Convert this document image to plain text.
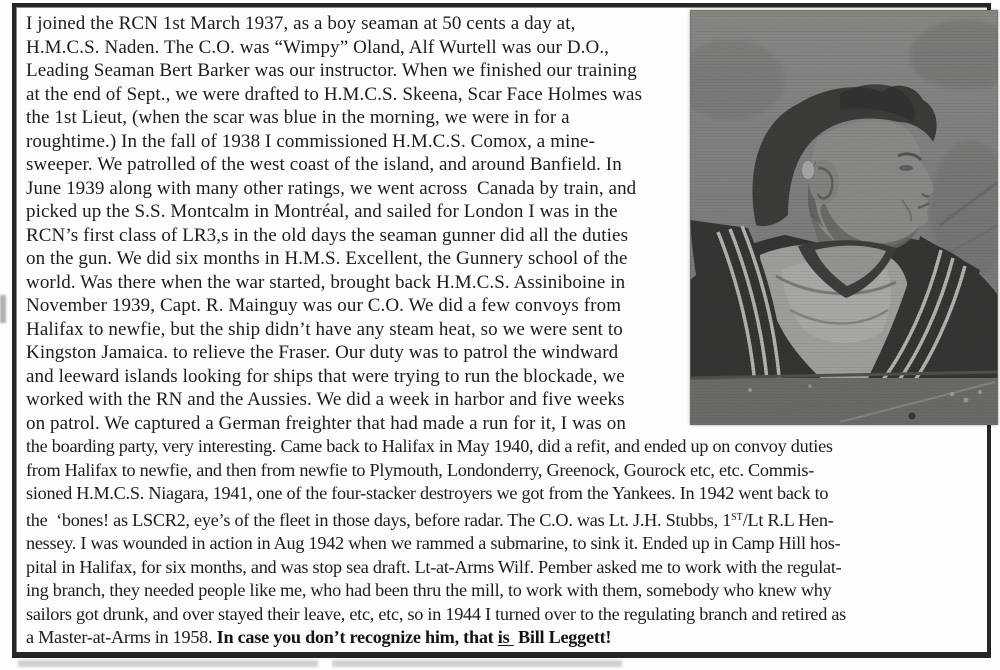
I joined the RCN 1st March 1937, as a boy seaman at 50 cents a day at,
H.M.C.S. Naden. The C.O. was “Wimpy” Oland, Alf Wurtell was our D.O.,
Leading Seaman Bert Barker was our instructor. When we finished our training
at the end of Sept., we were drafted to H.M.C.S. Skeena, Scar Face Holmes was
the 1st Lieut, (when the scar was blue in the morning, we were in for a
roughtime.) In the fall of 1938 I commissioned H.M.C.S. Comox, a mine-
sweeper. We patrolled of the west coast of the island, and around Banfield. In
June 1939 along with many other ratings, we went across  Canada by train, and
picked up the S.S. Montcalm in Montréal, and sailed for London I was in the
RCN’s first class of LR3,s in the old days the seaman gunner did all the duties
on the gun. We did six months in H.M.S. Excellent, the Gunnery school of the
world. Was there when the war started, brought back H.M.C.S. Assiniboine in
November 1939, Capt. R. Mainguy was our C.O. We did a few convoys from
Halifax to newfie, but the ship didn’t have any steam heat, so we were sent to
Kingston Jamaica. to relieve the Fraser. Our duty was to patrol the windward
and leeward islands looking for ships that were trying to run the blockade, we
worked with the RN and the Aussies. We did a week in harbor and five weeks
on patrol. We captured a German freighter that had made a run for it, I was on
the boarding party, very interesting. Came back to Halifax in May 1940, did a refit, and ended up on convoy duties
from Halifax to newfie, and then from newfie to Plymouth, Londonderry, Greenock, Gourock etc, etc. Commis-
sioned H.M.C.S. Niagara, 1941, one of the four-stacker destroyers we got from the Yankees. In 1942 went back to
the  ‘bones! as LSCR2, eye’s of the fleet in those days, before radar. The C.O. was Lt. J.H. Stubbs, 1ST/Lt R.L Hen-
nessey. I was wounded in action in Aug 1942 when we rammed a submarine, to sink it. Ended up in Camp Hill hos-
pital in Halifax, for six months, and was stop sea draft. Lt-at-Arms Wilf. Pember asked me to work with the regulat-
ing branch, they needed people like me, who had been thru the mill, to work with them, somebody who knew why
sailors got drunk, and over stayed their leave, etc, etc, so in 1944 I turned over to the regulating branch and retired as
a Master-at-Arms in 1958. In case you don’t recognize him, that is  Bill Leggett!
